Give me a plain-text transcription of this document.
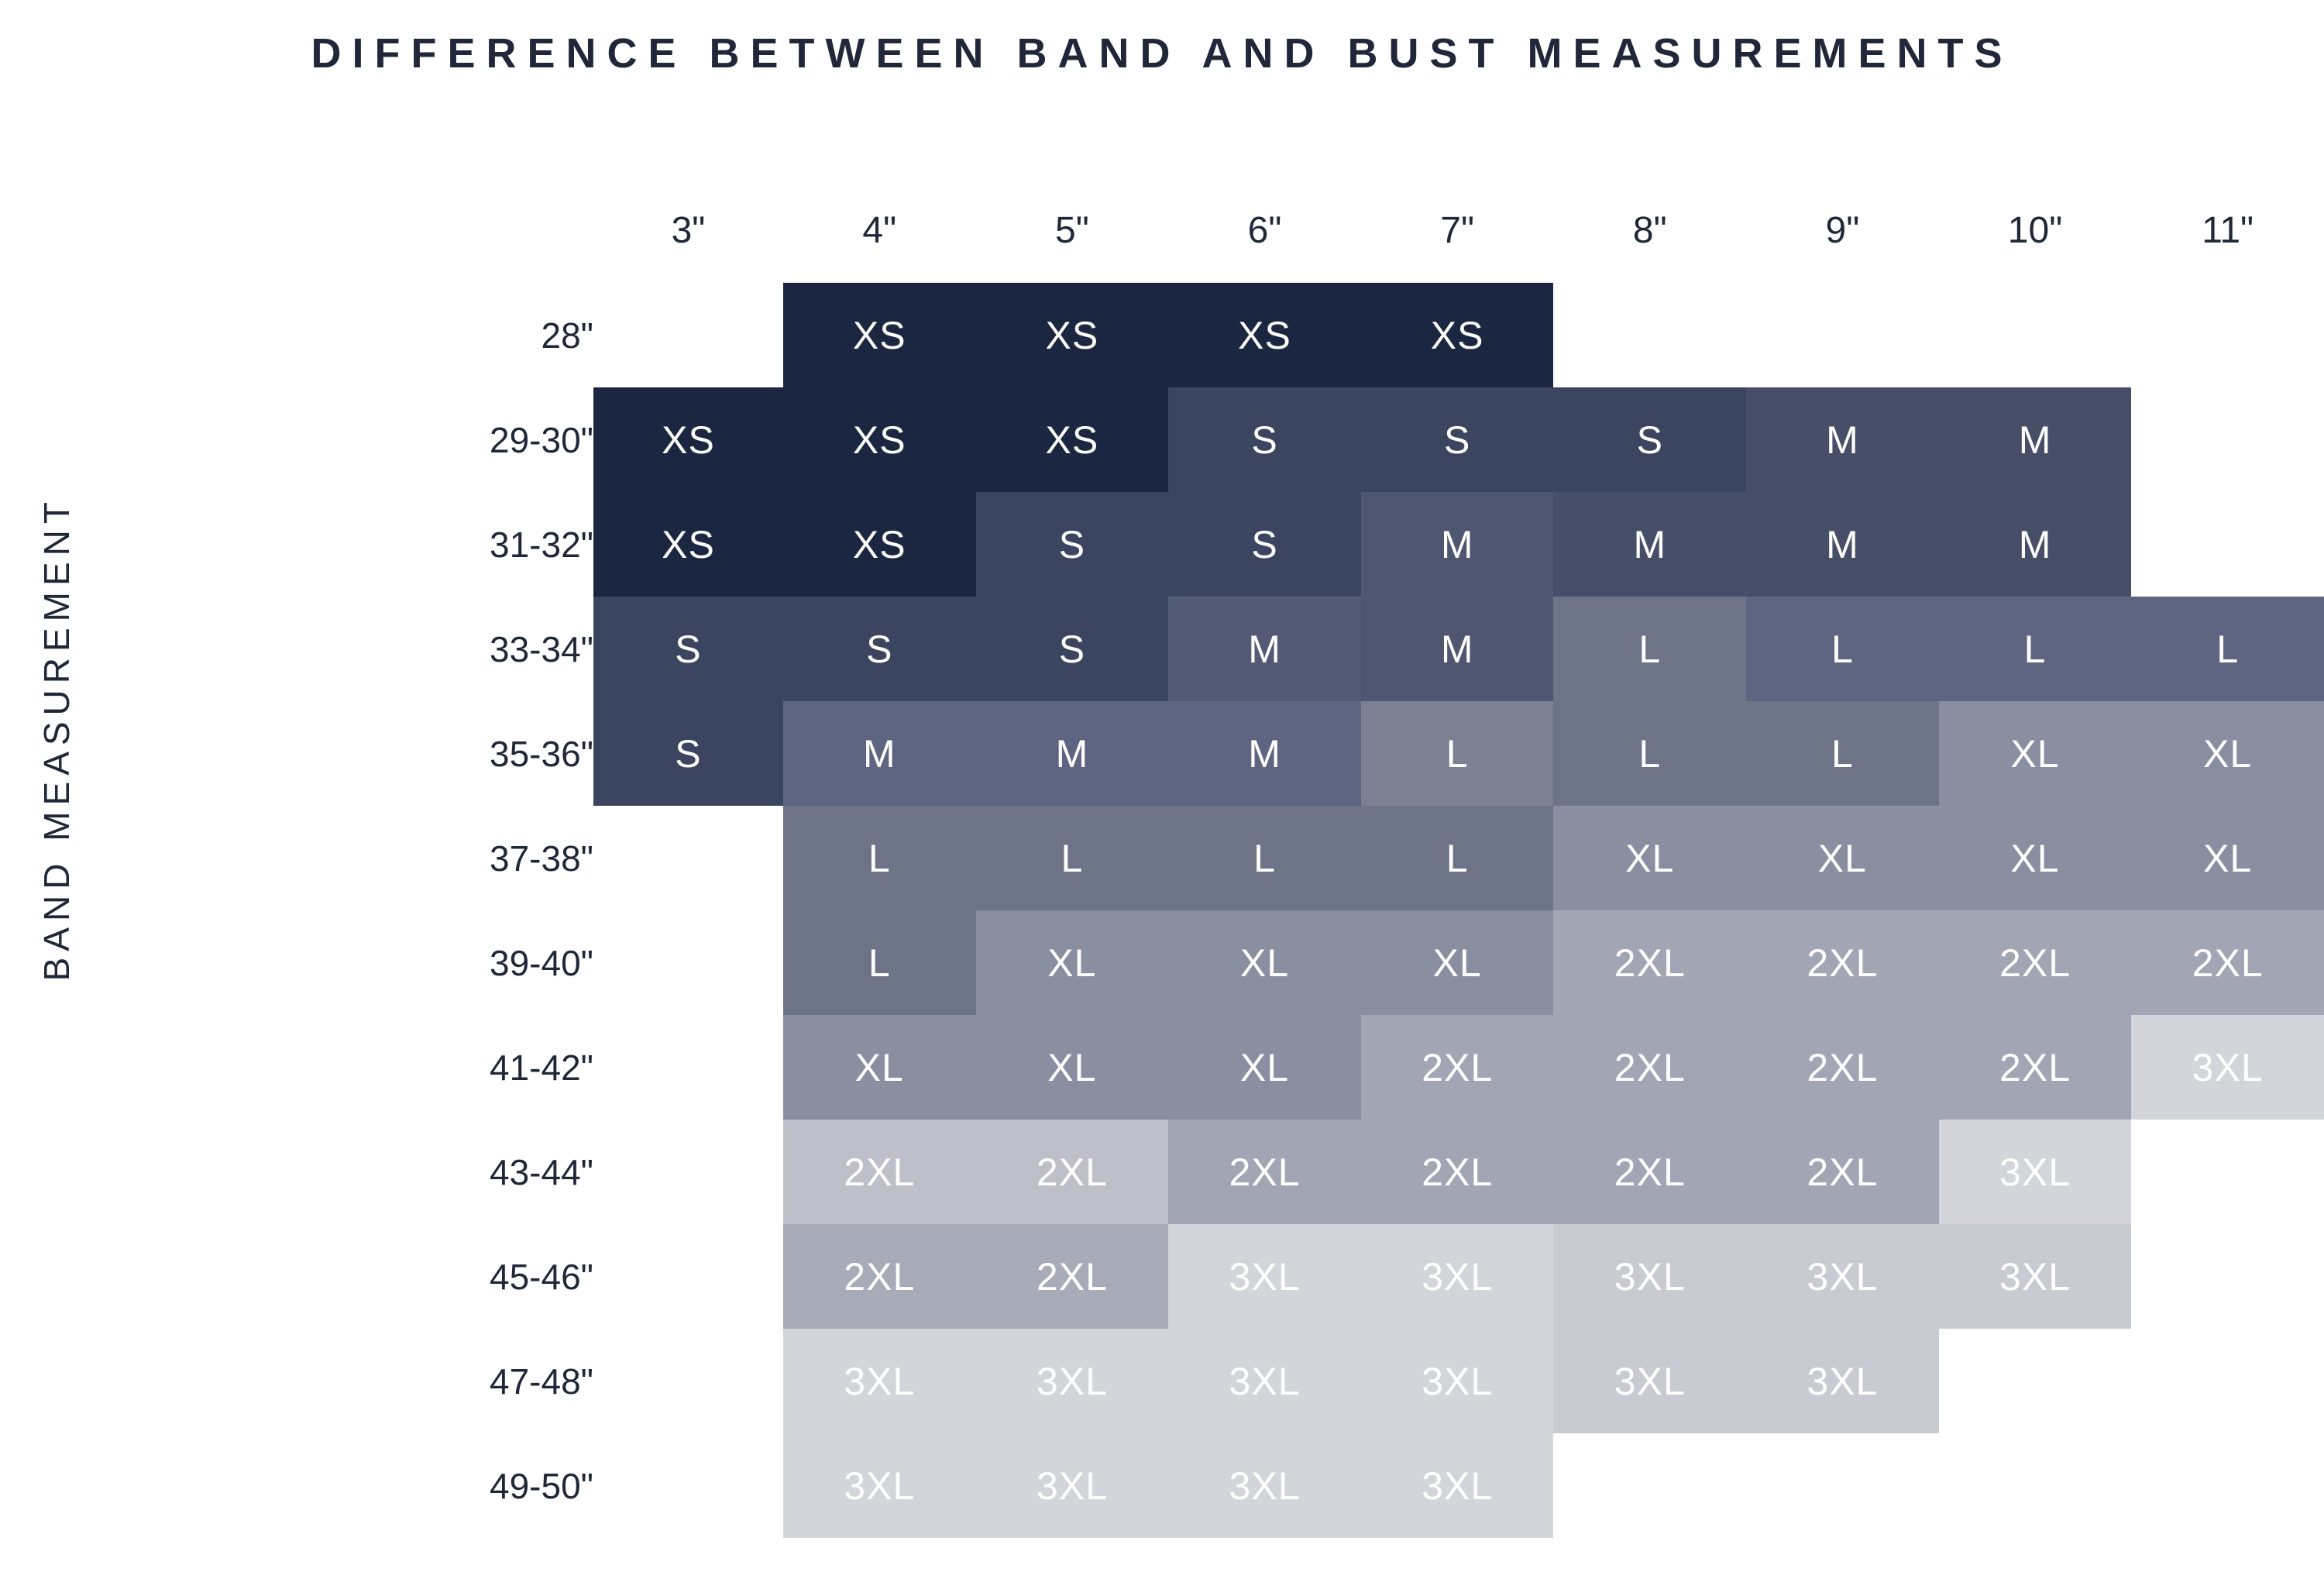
DIFFERENCE BETWEEN BAND AND BUST MEASUREMENTS
BAND MEASUREMENT
	3"	4"	5"	6"	7"	8"	9"	10"	11"
28"		XS	XS	XS	XS				
29-30"	XS	XS	XS	S	S	S	M	M	
31-32"	XS	XS	S	S	M	M	M	M	
33-34"	S	S	S	M	M	L	L	L	L
35-36"	S	M	M	M	L	L	L	XL	XL
37-38"		L	L	L	L	XL	XL	XL	XL
39-40"		L	XL	XL	XL	2XL	2XL	2XL	2XL
41-42"		XL	XL	XL	2XL	2XL	2XL	2XL	3XL
43-44"		2XL	2XL	2XL	2XL	2XL	2XL	3XL	
45-46"		2XL	2XL	3XL	3XL	3XL	3XL	3XL	
47-48"		3XL	3XL	3XL	3XL	3XL	3XL		
49-50"		3XL	3XL	3XL	3XL				
